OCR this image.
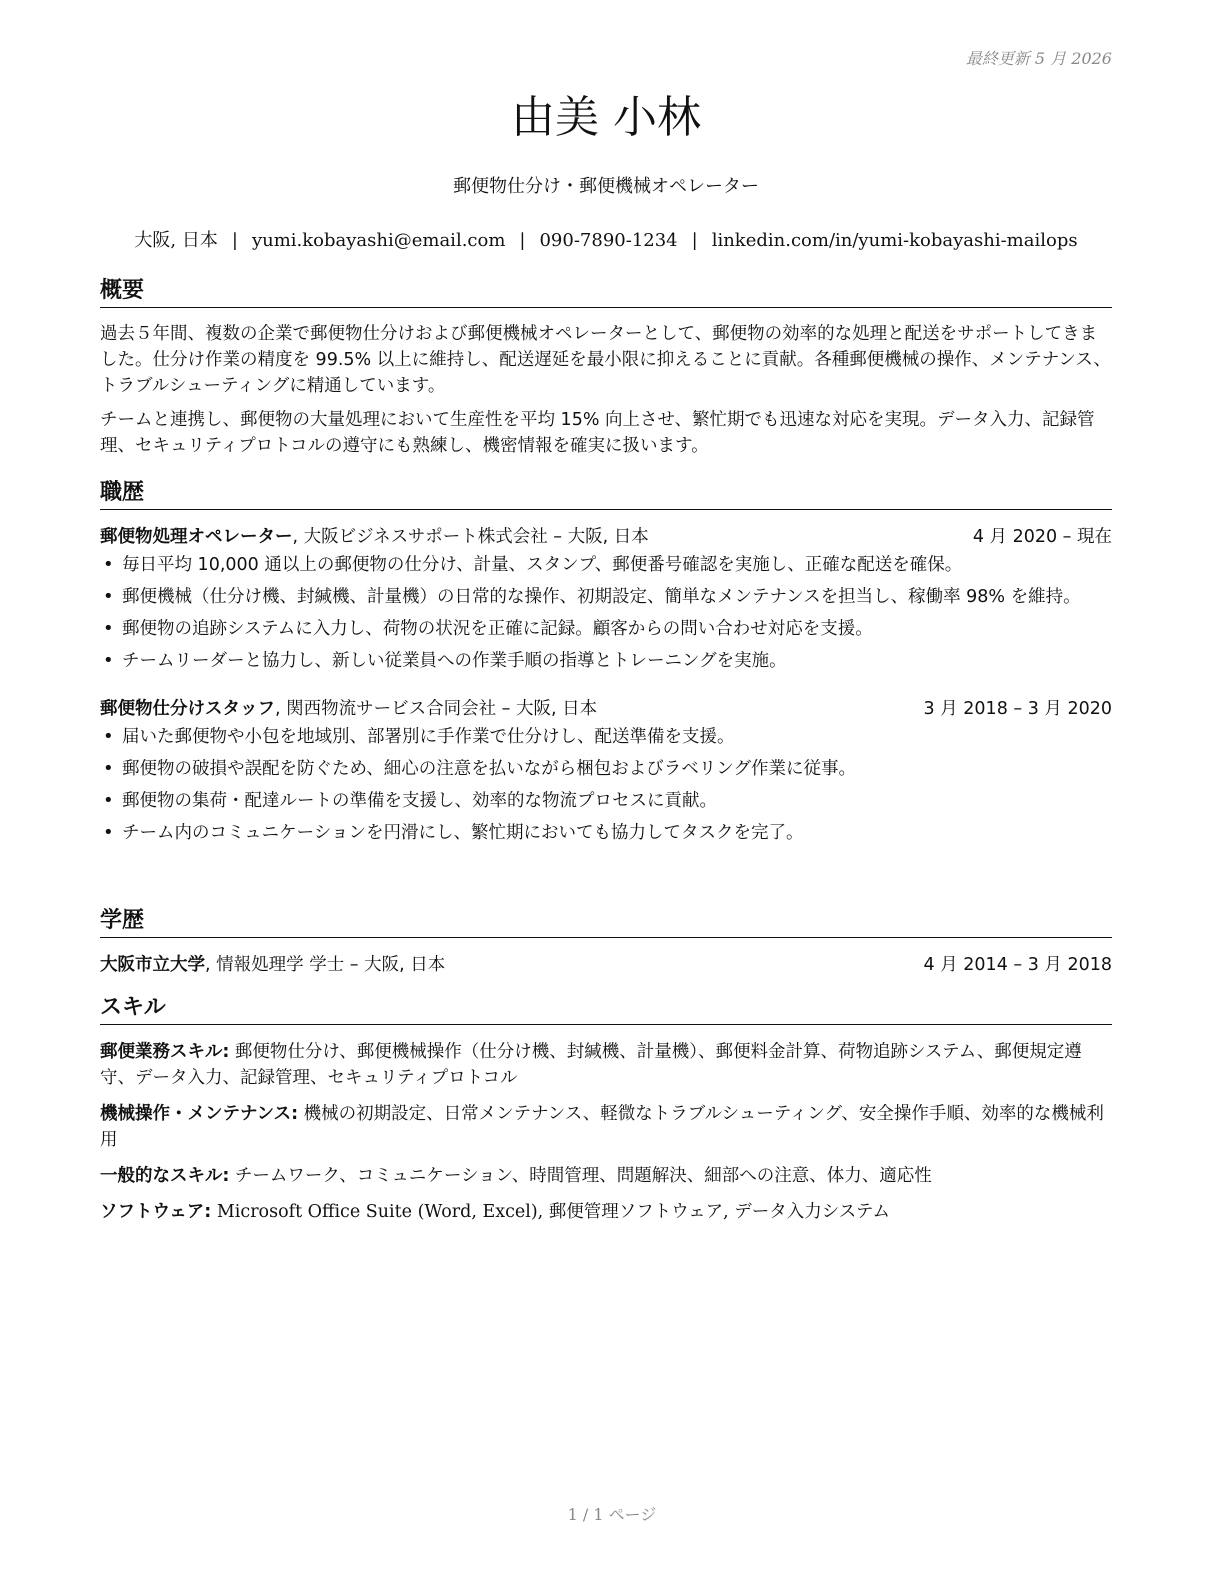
最終更新 5 月 2026
由美 小林
郵便物仕分け・郵便機械オペレーター
大阪, 日本 | yumi.kobayashi@email.com | 090-7890-1234 | linkedin.com/in/yumi-kobayashi-mailops
概要

過去５年間、複数の企業で郵便物仕分けおよび郵便機械オペレーターとして、郵便物の効率的な処理と配送をサポートしてきました。仕分け作業の精度を 99.5% 以上に維持し、配送遅延を最小限に抑えることに貢献。各種郵便機械の操作、メンテナンス、トラブルシューティングに精通しています。

チームと連携し、郵便物の大量処理において生産性を平均 15% 向上させ、繁忙期でも迅速な対応を実現。データ入力、記録管理、セキュリティプロトコルの遵守にも熟練し、機密情報を確実に扱います。

職歴
郵便物処理オペレーター, 大阪ビジネスサポート株式会社 – 大阪, 日本	4 月 2020 – 現在
• 毎日平均 10,000 通以上の郵便物の仕分け、計量、スタンプ、郵便番号確認を実施し、正確な配送を確保。
• 郵便機械（仕分け機、封緘機、計量機）の日常的な操作、初期設定、簡単なメンテナンスを担当し、稼働率 98% を維持。
• 郵便物の追跡システムに入力し、荷物の状況を正確に記録。顧客からの問い合わせ対応を支援。
• チームリーダーと協力し、新しい従業員への作業手順の指導とトレーニングを実施。
郵便物仕分けスタッフ, 関西物流サービス合同会社 – 大阪, 日本	3 月 2018 – 3 月 2020
• 届いた郵便物や小包を地域別、部署別に手作業で仕分けし、配送準備を支援。
• 郵便物の破損や誤配を防ぐため、細心の注意を払いながら梱包およびラベリング作業に従事。
• 郵便物の集荷・配達ルートの準備を支援し、効率的な物流プロセスに貢献。
• チーム内のコミュニケーションを円滑にし、繁忙期においても協力してタスクを完了。
学歴
大阪市立大学, 情報処理学 学士 – 大阪, 日本	4 月 2014 – 3 月 2018
スキル

郵便業務スキル: 郵便物仕分け、郵便機械操作（仕分け機、封緘機、計量機）、郵便料金計算、荷物追跡システム、郵便規定遵守、データ入力、記録管理、セキュリティプロトコル

機械操作・メンテナンス: 機械の初期設定、日常メンテナンス、軽微なトラブルシューティング、安全操作手順、効率的な機械利用

一般的なスキル: チームワーク、コミュニケーション、時間管理、問題解決、細部への注意、体力、適応性

ソフトウェア: Microsoft Office Suite (Word, Excel), 郵便管理ソフトウェア, データ入力システム

1 / 1 ページ
